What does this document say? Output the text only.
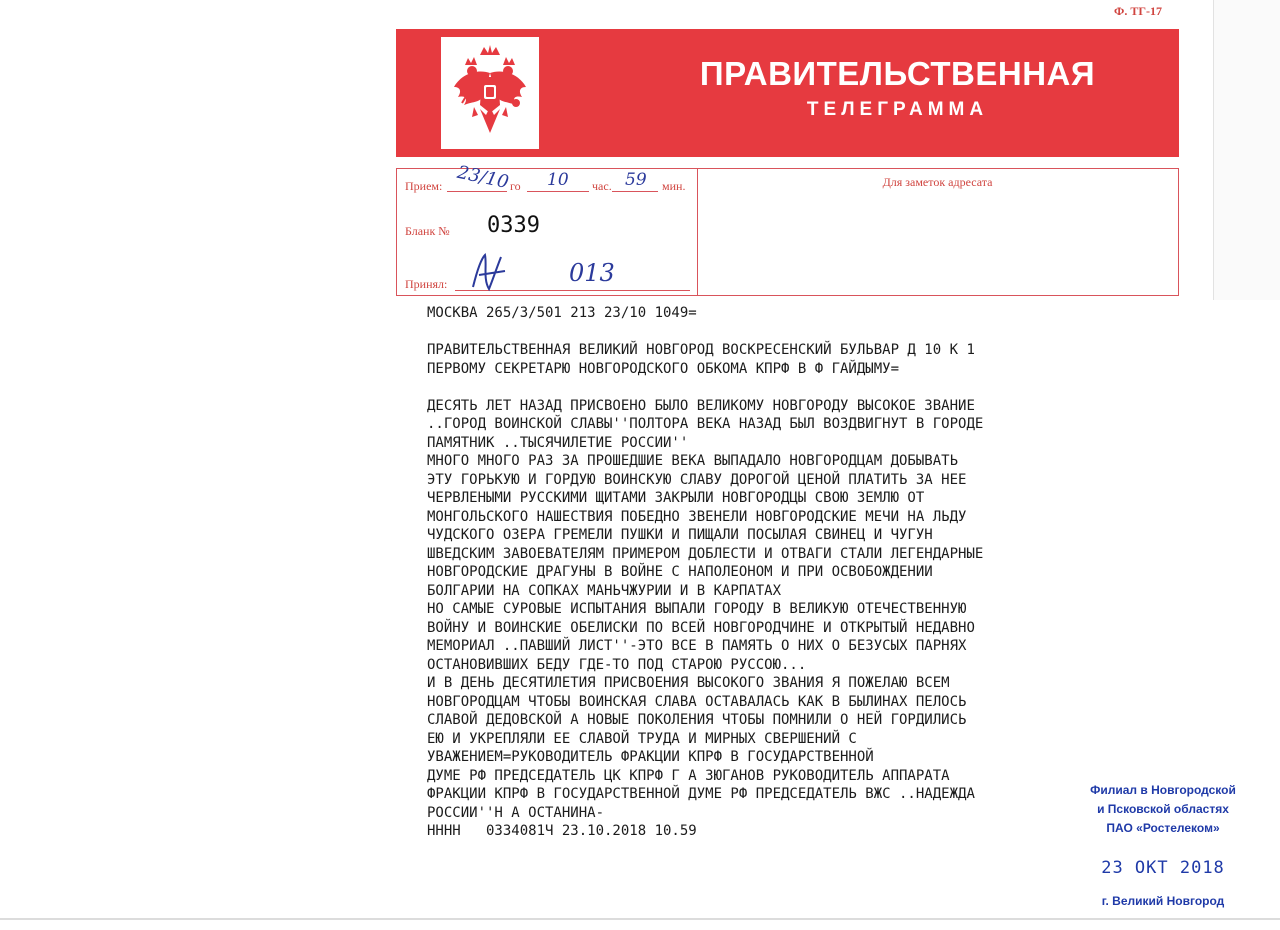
Ф. ТГ-17
ПРАВИТЕЛЬСТВЕННАЯ
ТЕЛЕГРАММА
Прием: 23/10 го 10 час. 59 мин.
Бланк № 0339
Принял:	013
Для заметок адресата
МОСКВА 265/3/501 213 23/10 1049=
ПРАВИТЕЛЬСТВЕННАЯ ВЕЛИКИЙ НОВГОРОД ВОСКРЕСЕНСКИЙ БУЛЬВАР Д 10 К 1
ПЕРВОМУ СЕКРЕТАРЮ НОВГОРОДСКОГО ОБКОМА КПРФ В Ф ГАЙДЫМУ=
ДЕСЯТЬ ЛЕТ НАЗАД ПРИСВОЕНО БЫЛО ВЕЛИКОМУ НОВГОРОДУ ВЫСОКОЕ ЗВАНИЕ
..ГОРОД ВОИНСКОЙ СЛАВЫ''ПОЛТОРА ВЕКА НАЗАД БЫЛ ВОЗДВИГНУТ В ГОРОДЕ
ПАМЯТНИК ..ТЫСЯЧИЛЕТИЕ РОССИИ''
МНОГО МНОГО РАЗ ЗА ПРОШЕДШИЕ ВЕКА ВЫПАДАЛО НОВГОРОДЦАМ ДОБЫВАТЬ
ЭТУ ГОРЬКУЮ И ГОРДУЮ ВОИНСКУЮ СЛАВУ ДОРОГОЙ ЦЕНОЙ ПЛАТИТЬ ЗА НЕЕ
ЧЕРВЛЕНЫМИ РУССКИМИ ЩИТАМИ ЗАКРЫЛИ НОВГОРОДЦЫ СВОЮ ЗЕМЛЮ ОТ
МОНГОЛЬСКОГО НАШЕСТВИЯ ПОБЕДНО ЗВЕНЕЛИ НОВГОРОДСКИЕ МЕЧИ НА ЛЬДУ
ЧУДСКОГО ОЗЕРА ГРЕМЕЛИ ПУШКИ И ПИЩАЛИ ПОСЫЛАЯ СВИНЕЦ И ЧУГУН
ШВЕДСКИМ ЗАВОЕВАТЕЛЯМ ПРИМЕРОМ ДОБЛЕСТИ И ОТВАГИ СТАЛИ ЛЕГЕНДАРНЫЕ
НОВГОРОДСКИЕ ДРАГУНЫ В ВОЙНЕ С НАПОЛЕОНОМ И ПРИ ОСВОБОЖДЕНИИ
БОЛГАРИИ НА СОПКАХ МАНЬЧЖУРИИ И В КАРПАТАХ
НО САМЫЕ СУРОВЫЕ ИСПЫТАНИЯ ВЫПАЛИ ГОРОДУ В ВЕЛИКУЮ ОТЕЧЕСТВЕННУЮ
ВОЙНУ И ВОИНСКИЕ ОБЕЛИСКИ ПО ВСЕЙ НОВГОРОДЧИНЕ И ОТКРЫТЫЙ НЕДАВНО
МЕМОРИАЛ ..ПАВШИЙ ЛИСТ''-ЭТО ВСЕ В ПАМЯТЬ О НИХ О БЕЗУСЫХ ПАРНЯХ
ОСТАНОВИВШИХ БЕДУ ГДЕ-ТО ПОД СТАРОЮ РУССОЮ...
И В ДЕНЬ ДЕСЯТИЛЕТИЯ ПРИСВОЕНИЯ ВЫСОКОГО ЗВАНИЯ Я ПОЖЕЛАЮ ВСЕМ
НОВГОРОДЦАМ ЧТОБЫ ВОИНСКАЯ СЛАВА ОСТАВАЛАСЬ КАК В БЫЛИНАХ ПЕЛОСЬ
СЛАВОЙ ДЕДОВСКОЙ А НОВЫЕ ПОКОЛЕНИЯ ЧТОБЫ ПОМНИЛИ О НЕЙ ГОРДИЛИСЬ
ЕЮ И УКРЕПЛЯЛИ ЕЕ СЛАВОЙ ТРУДА И МИРНЫХ СВЕРШЕНИЙ С
УВАЖЕНИЕМ=РУКОВОДИТЕЛЬ ФРАКЦИИ КПРФ В ГОСУДАРСТВЕННОЙ
ДУМЕ РФ ПРЕДСЕДАТЕЛЬ ЦК КПРФ Г А ЗЮГАНОВ РУКОВОДИТЕЛЬ АППАРАТА
ФРАКЦИИ КПРФ В ГОСУДАРСТВЕННОЙ ДУМЕ РФ ПРЕДСЕДАТЕЛЬ ВЖС ..НАДЕЖДА
РОССИИ''Н А ОСТАНИНА-
НННН   0334081Ч 23.10.2018 10.59
Филиал в Новгородской
и Псковской областях
ПАО «Ростелеком»
23 ОКТ 2018
г. Великий Новгород
